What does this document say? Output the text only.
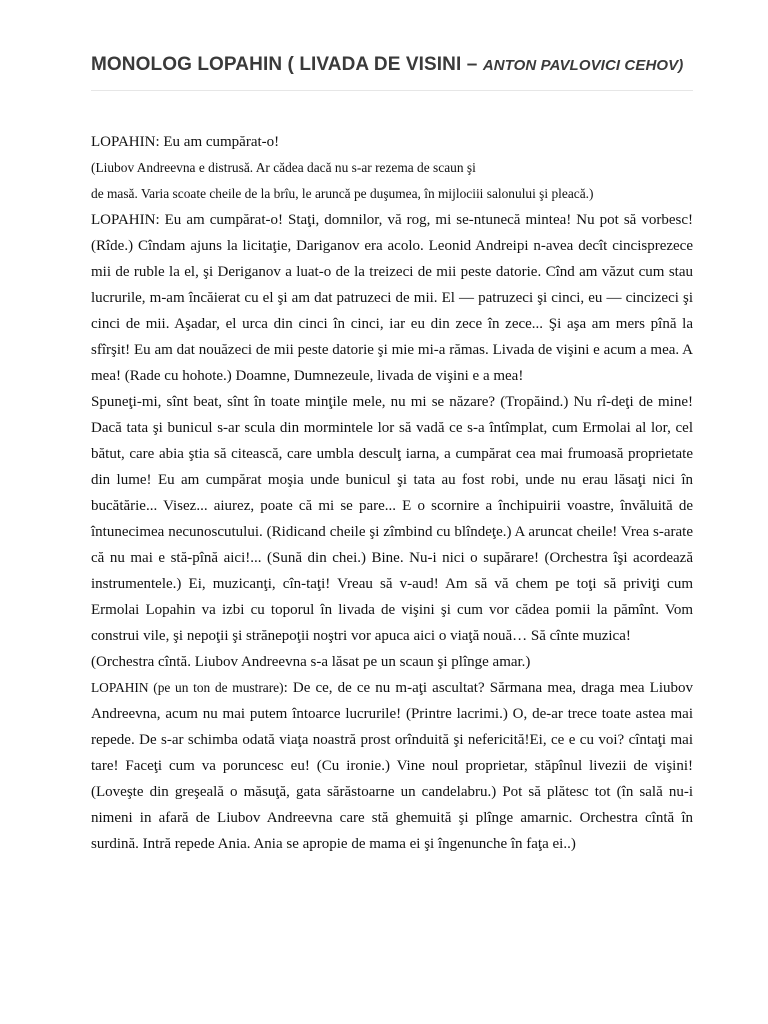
MONOLOG LOPAHIN ( LIVADA DE VISINI – ANTON PAVLOVICI CEHOV)

LOPAHIN: Eu am cumpărat-o!

(Liubov Andreevna e distrusă. Ar cădea dacă nu s-ar rezema de scaun şi

de masă. Varia scoate cheile de la brîu, le aruncă pe duşumea, în mijlociii salonului şi pleacă.)

LOPAHIN: Eu am cumpărat-o! Staţi, domnilor, vă rog, mi se-ntunecă mintea! Nu pot să vorbesc! (Rîde.) Cîndam ajuns la licitaţie, Dariganov era acolo. Leonid Andreipi n-avea decît cincisprezece mii de ruble la el, şi Deriganov a luat-o de la treizeci de mii peste datorie. Cînd am văzut cum stau lucrurile, m-am încăierat cu el şi am dat patruzeci de mii. El — patruzeci şi cinci, eu — cincizeci şi cinci de mii. Aşadar, el urca din cinci în cinci, iar eu din zece în zece... Şi aşa am mers pînă la sfîrşit! Eu am dat nouăzeci de mii peste datorie şi mie mi-a rămas. Livada de vişini e acum a mea. A mea! (Rade cu hohote.) Doamne, Dumnezeule, livada de vişini e a mea!

Spuneţi-mi, sînt beat, sînt în toate minţile mele, nu mi se năzare? (Tropăind.) Nu rî-deţi de mine! Dacă tata şi bunicul s-ar scula din mormintele lor să vadă ce s-a întîmplat, cum Ermolai al lor, cel bătut, care abia ştia să citească, care umbla desculţ iarna, a cumpărat cea mai frumoasă proprietate din lume! Eu am cumpărat moşia unde bunicul şi tata au fost robi, unde nu erau lăsaţi nici în bucătărie... Visez... aiurez, poate că mi se pare... E o scornire a închipuirii voastre, învăluită de întunecimea necunoscutului. (Ridicand cheile şi zîmbind cu blîndeţe.) A aruncat cheile! Vrea s-arate că nu mai e stă-pînă aici!... (Sună din chei.) Bine. Nu-i nici o supărare! (Orchestra îşi acordează instrumentele.) Ei, muzicanţi, cîn-taţi! Vreau să v-aud! Am să vă chem pe toţi să priviţi cum Ermolai Lopahin va izbi cu toporul în livada de vişini şi cum vor cădea pomii la pămînt. Vom construi vile, şi nepoţii şi strănepoţii noştri vor apuca aici o viaţă nouă… Să cînte muzica!

(Orchestra cîntă. Liubov Andreevna s-a lăsat pe un scaun şi plînge amar.)

LOPAHIN (pe un ton de mustrare): De ce, de ce nu m-aţi ascultat? Sărmana mea, draga mea Liubov Andreevna, acum nu mai putem întoarce lucrurile! (Printre lacrimi.) O, de-ar trece toate astea mai repede. De s-ar schimba odată viaţa noastră prost orînduită şi nefericită!Ei, ce e cu voi? cîntaţi mai tare! Faceţi cum va poruncesc eu! (Cu ironie.) Vine noul proprietar, stăpînul livezii de vişini! (Loveşte din greşeală o măsuţă, gata sărăstoarne un candelabru.) Pot să plătesc tot (în sală nu-i nimeni in afară de Liubov Andreevna care stă ghemuită şi plînge amarnic. Orchestra cîntă în surdină. Intră repede Ania. Ania se apropie de mama ei şi îngenunche în faţa ei..)
